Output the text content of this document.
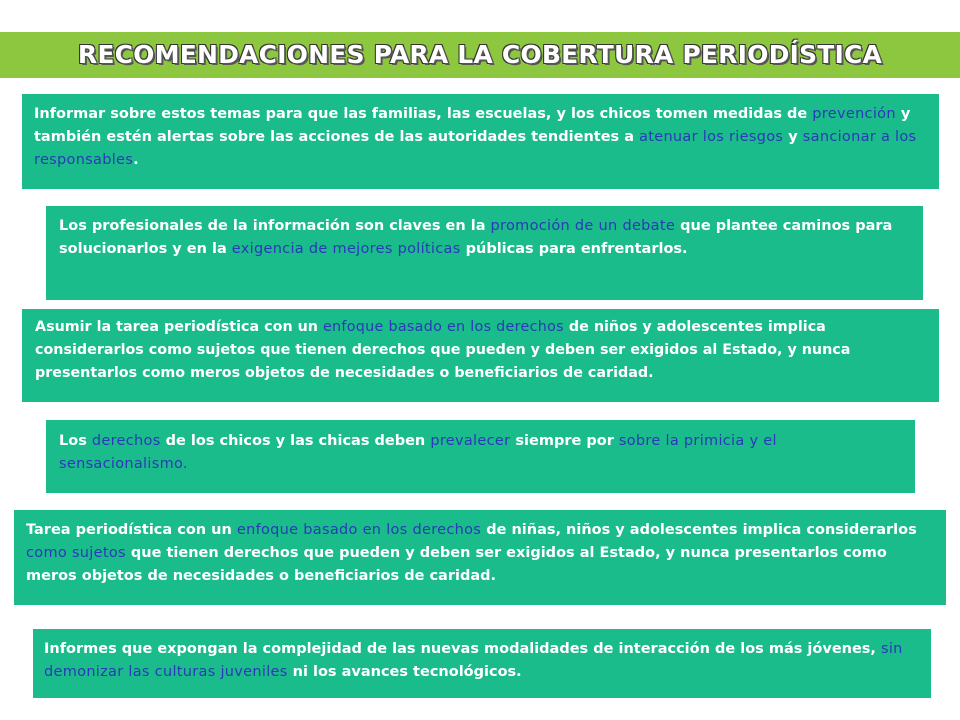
RECOMENDACIONES PARA LA COBERTURA PERIODÍSTICA
Informar sobre estos temas para que las familias, las escuelas, y los chicos tomen medidas de prevención y también estén alertas sobre las acciones de las autoridades tendientes a atenuar los riesgos y sancionar a los responsables.
Los profesionales de la información son claves en la promoción de un debate que plantee caminos para solucionarlos y en la exigencia de mejores políticas públicas para enfrentarlos.
Asumir la tarea periodística con un enfoque basado en los derechos de niños y adolescentes implica considerarlos como sujetos que tienen derechos que pueden y deben ser exigidos al Estado, y nunca presentarlos como meros objetos de necesidades o beneficiarios de caridad.
Los derechos de los chicos y las chicas deben prevalecer siempre por sobre la primicia y el sensacionalismo.
Tarea periodística con un enfoque basado en los derechos de niñas, niños y adolescentes implica considerarlos como sujetos que tienen derechos que pueden y deben ser exigidos al Estado, y nunca presentarlos como meros objetos de necesidades o beneficiarios de caridad.
Informes que expongan la complejidad de las nuevas modalidades de interacción de los más jóvenes, sin demonizar las culturas juveniles ni los avances tecnológicos.
